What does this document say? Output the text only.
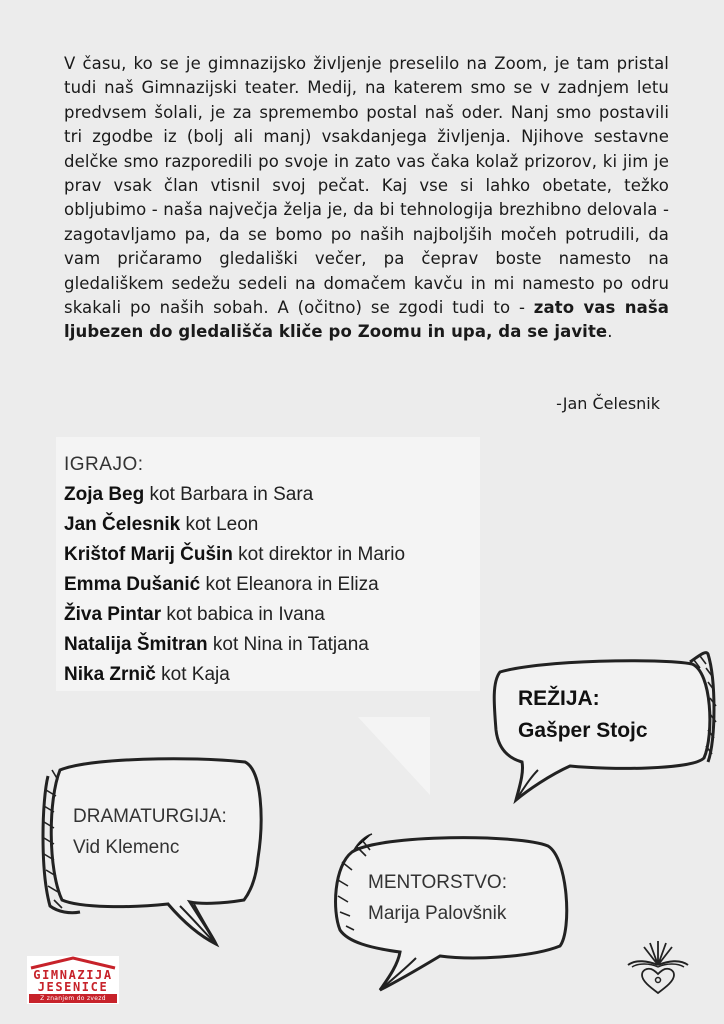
V času, ko se je gimnazijsko življenje preselilo na Zoom, je tam pristal tudi naš Gimnazijski teater. Medij, na katerem smo se v zadnjem letu predvsem šolali, je za spremembo postal naš oder. Nanj smo postavili tri zgodbe iz (bolj ali manj) vsakdanjega življenja. Njihove sestavne delčke smo razporedili po svoje in zato vas čaka kolaž prizorov, ki jim je prav vsak član vtisnil svoj pečat. Kaj vse si lahko obetate, težko obljubimo - naša največja želja je, da bi tehnologija brezhibno delovala - zagotavljamo pa, da se bomo po naših najboljših močeh potrudili, da vam pričaramo gledališki večer, pa čeprav boste namesto na gledališkem sedežu sedeli na domačem kavču in mi namesto po odru skakali po naših sobah. A (očitno) se zgodi tudi to - zato vas naša ljubezen do gledališča kliče po Zoomu in upa, da se javite.
-Jan Čelesnik
IGRAJO:
Zoja Beg kot Barbara in Sara
Jan Čelesnik kot Leon
Krištof Marij Čušin kot direktor in Mario
Emma Dušanić kot Eleanora in Eliza
Živa Pintar kot babica in Ivana
Natalija Šmitran kot Nina in Tatjana
Nika Zrnič kot Kaja
REŽIJA:
Gašper Stojc
DRAMATURGIJA:
Vid Klemenc
MENTORSTVO:
Marija Palovšnik
GIMNAZIJA
JESENICE
Z znanjem do zvezd
